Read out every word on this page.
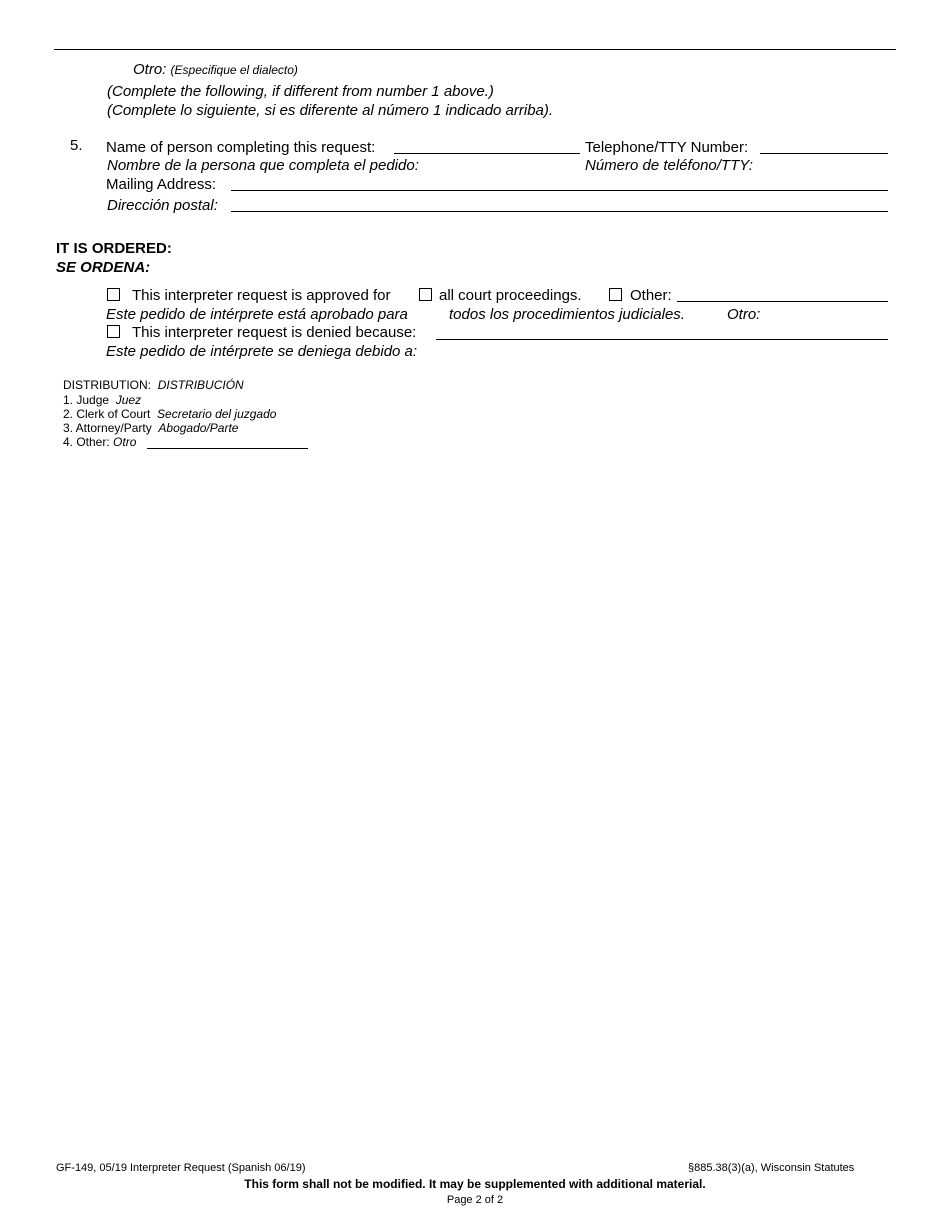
Otro: (Especifique el dialecto)
(Complete the following, if different from number 1 above.)
(Complete lo siguiente, si es diferente al número 1 indicado arriba).
5. Name of person completing this request:	Telephone/TTY Number:
Nombre de la persona que completa el pedido:	Número de teléfono/TTY:
Mailing Address:
Dirección postal:
IT IS ORDERED:
SE ORDENA:
This interpreter request is approved for	all court proceedings.	Other:
Este pedido de intérprete está aprobado para	todos los procedimientos judiciales.	Otro:
This interpreter request is denied because:
Este pedido de intérprete se deniega debido a:
DISTRIBUTION: DISTRIBUCIÓN
1. Judge Juez
2. Clerk of Court Secretario del juzgado
3. Attorney/Party Abogado/Parte
4. Other: Otro
GF-149, 05/19 Interpreter Request (Spanish 06/19)	§885.38(3)(a), Wisconsin Statutes
This form shall not be modified. It may be supplemented with additional material.
Page 2 of 2
